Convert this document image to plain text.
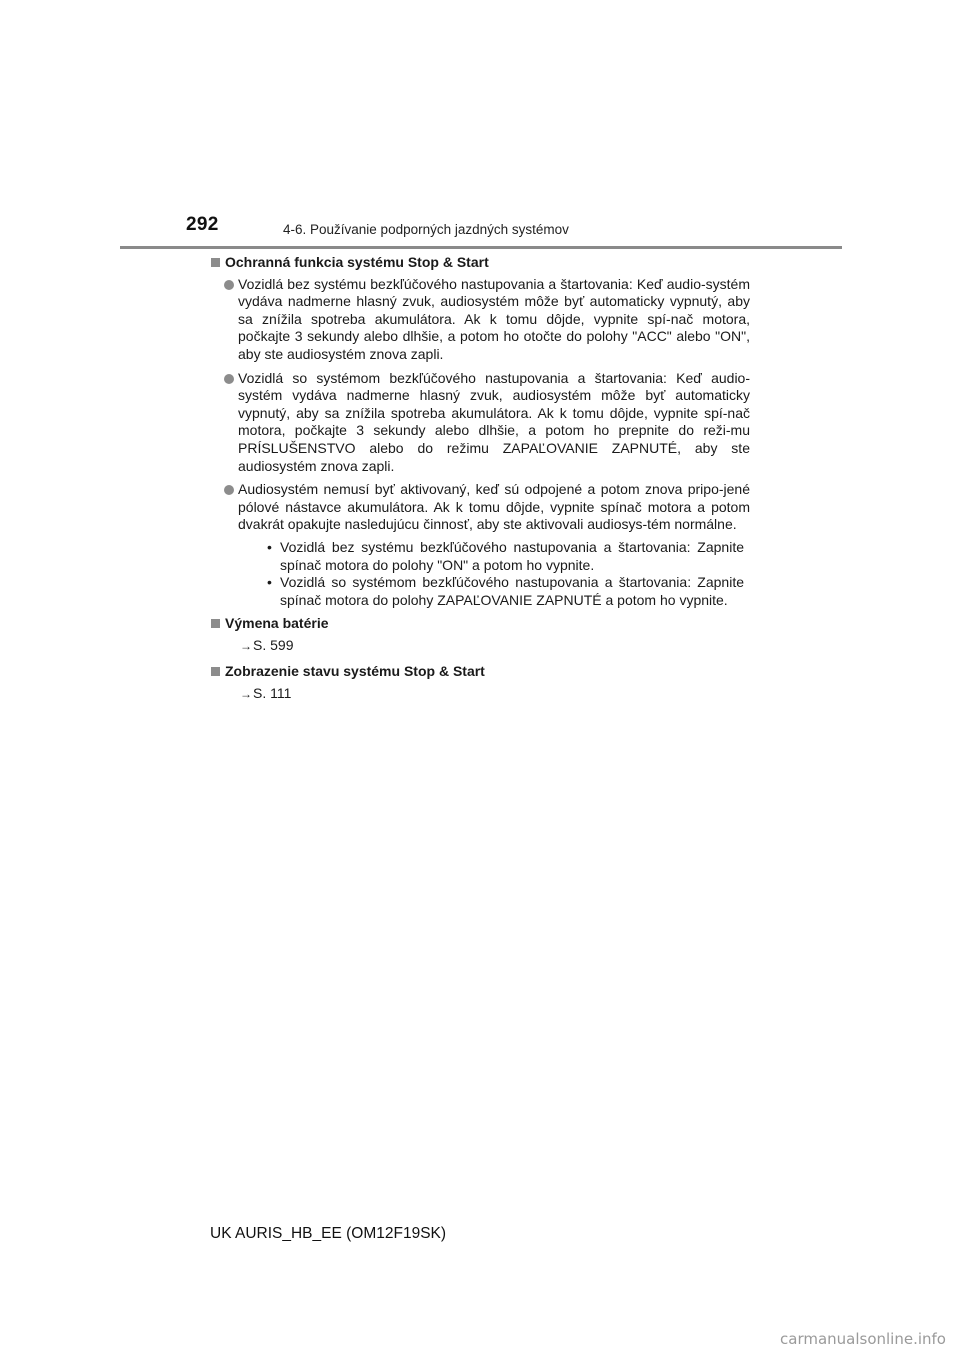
292	4-6. Používanie podporných jazdných systémov
Ochranná funkcia systému Stop & Start
Vozidlá bez systému bezkľúčového nastupovania a štartovania: Keď audio-systém vydáva nadmerne hlasný zvuk, audiosystém môže byť automaticky vypnutý, aby sa znížila spotreba akumulátora. Ak k tomu dôjde, vypnite spí-nač motora, počkajte 3 sekundy alebo dlhšie, a potom ho otočte do polohy "ACC" alebo "ON", aby ste audiosystém znova zapli.
Vozidlá so systémom bezkľúčového nastupovania a štartovania: Keď audio-systém vydáva nadmerne hlasný zvuk, audiosystém môže byť automaticky vypnutý, aby sa znížila spotreba akumulátora. Ak k tomu dôjde, vypnite spí-nač motora, počkajte 3 sekundy alebo dlhšie, a potom ho prepnite do reži-mu PRÍSLUŠENSTVO alebo do režimu ZAPAĽOVANIE ZAPNUTÉ, aby ste audiosystém znova zapli.
Audiosystém nemusí byť aktivovaný, keď sú odpojené a potom znova pripo-jené pólové nástavce akumulátora. Ak k tomu dôjde, vypnite spínač motora a potom dvakrát opakujte nasledujúcu činnosť, aby ste aktivovali audiosys-tém normálne.
• Vozidlá bez systému bezkľúčového nastupovania a štartovania: Zapnite spínač motora do polohy "ON" a potom ho vypnite.
• Vozidlá so systémom bezkľúčového nastupovania a štartovania: Zapnite spínač motora do polohy ZAPAĽOVANIE ZAPNUTÉ a potom ho vypnite.
Výmena batérie
→S. 599
Zobrazenie stavu systému Stop & Start
→S. 111
UK AURIS_HB_EE (OM12F19SK)
carmanualsonline.info
